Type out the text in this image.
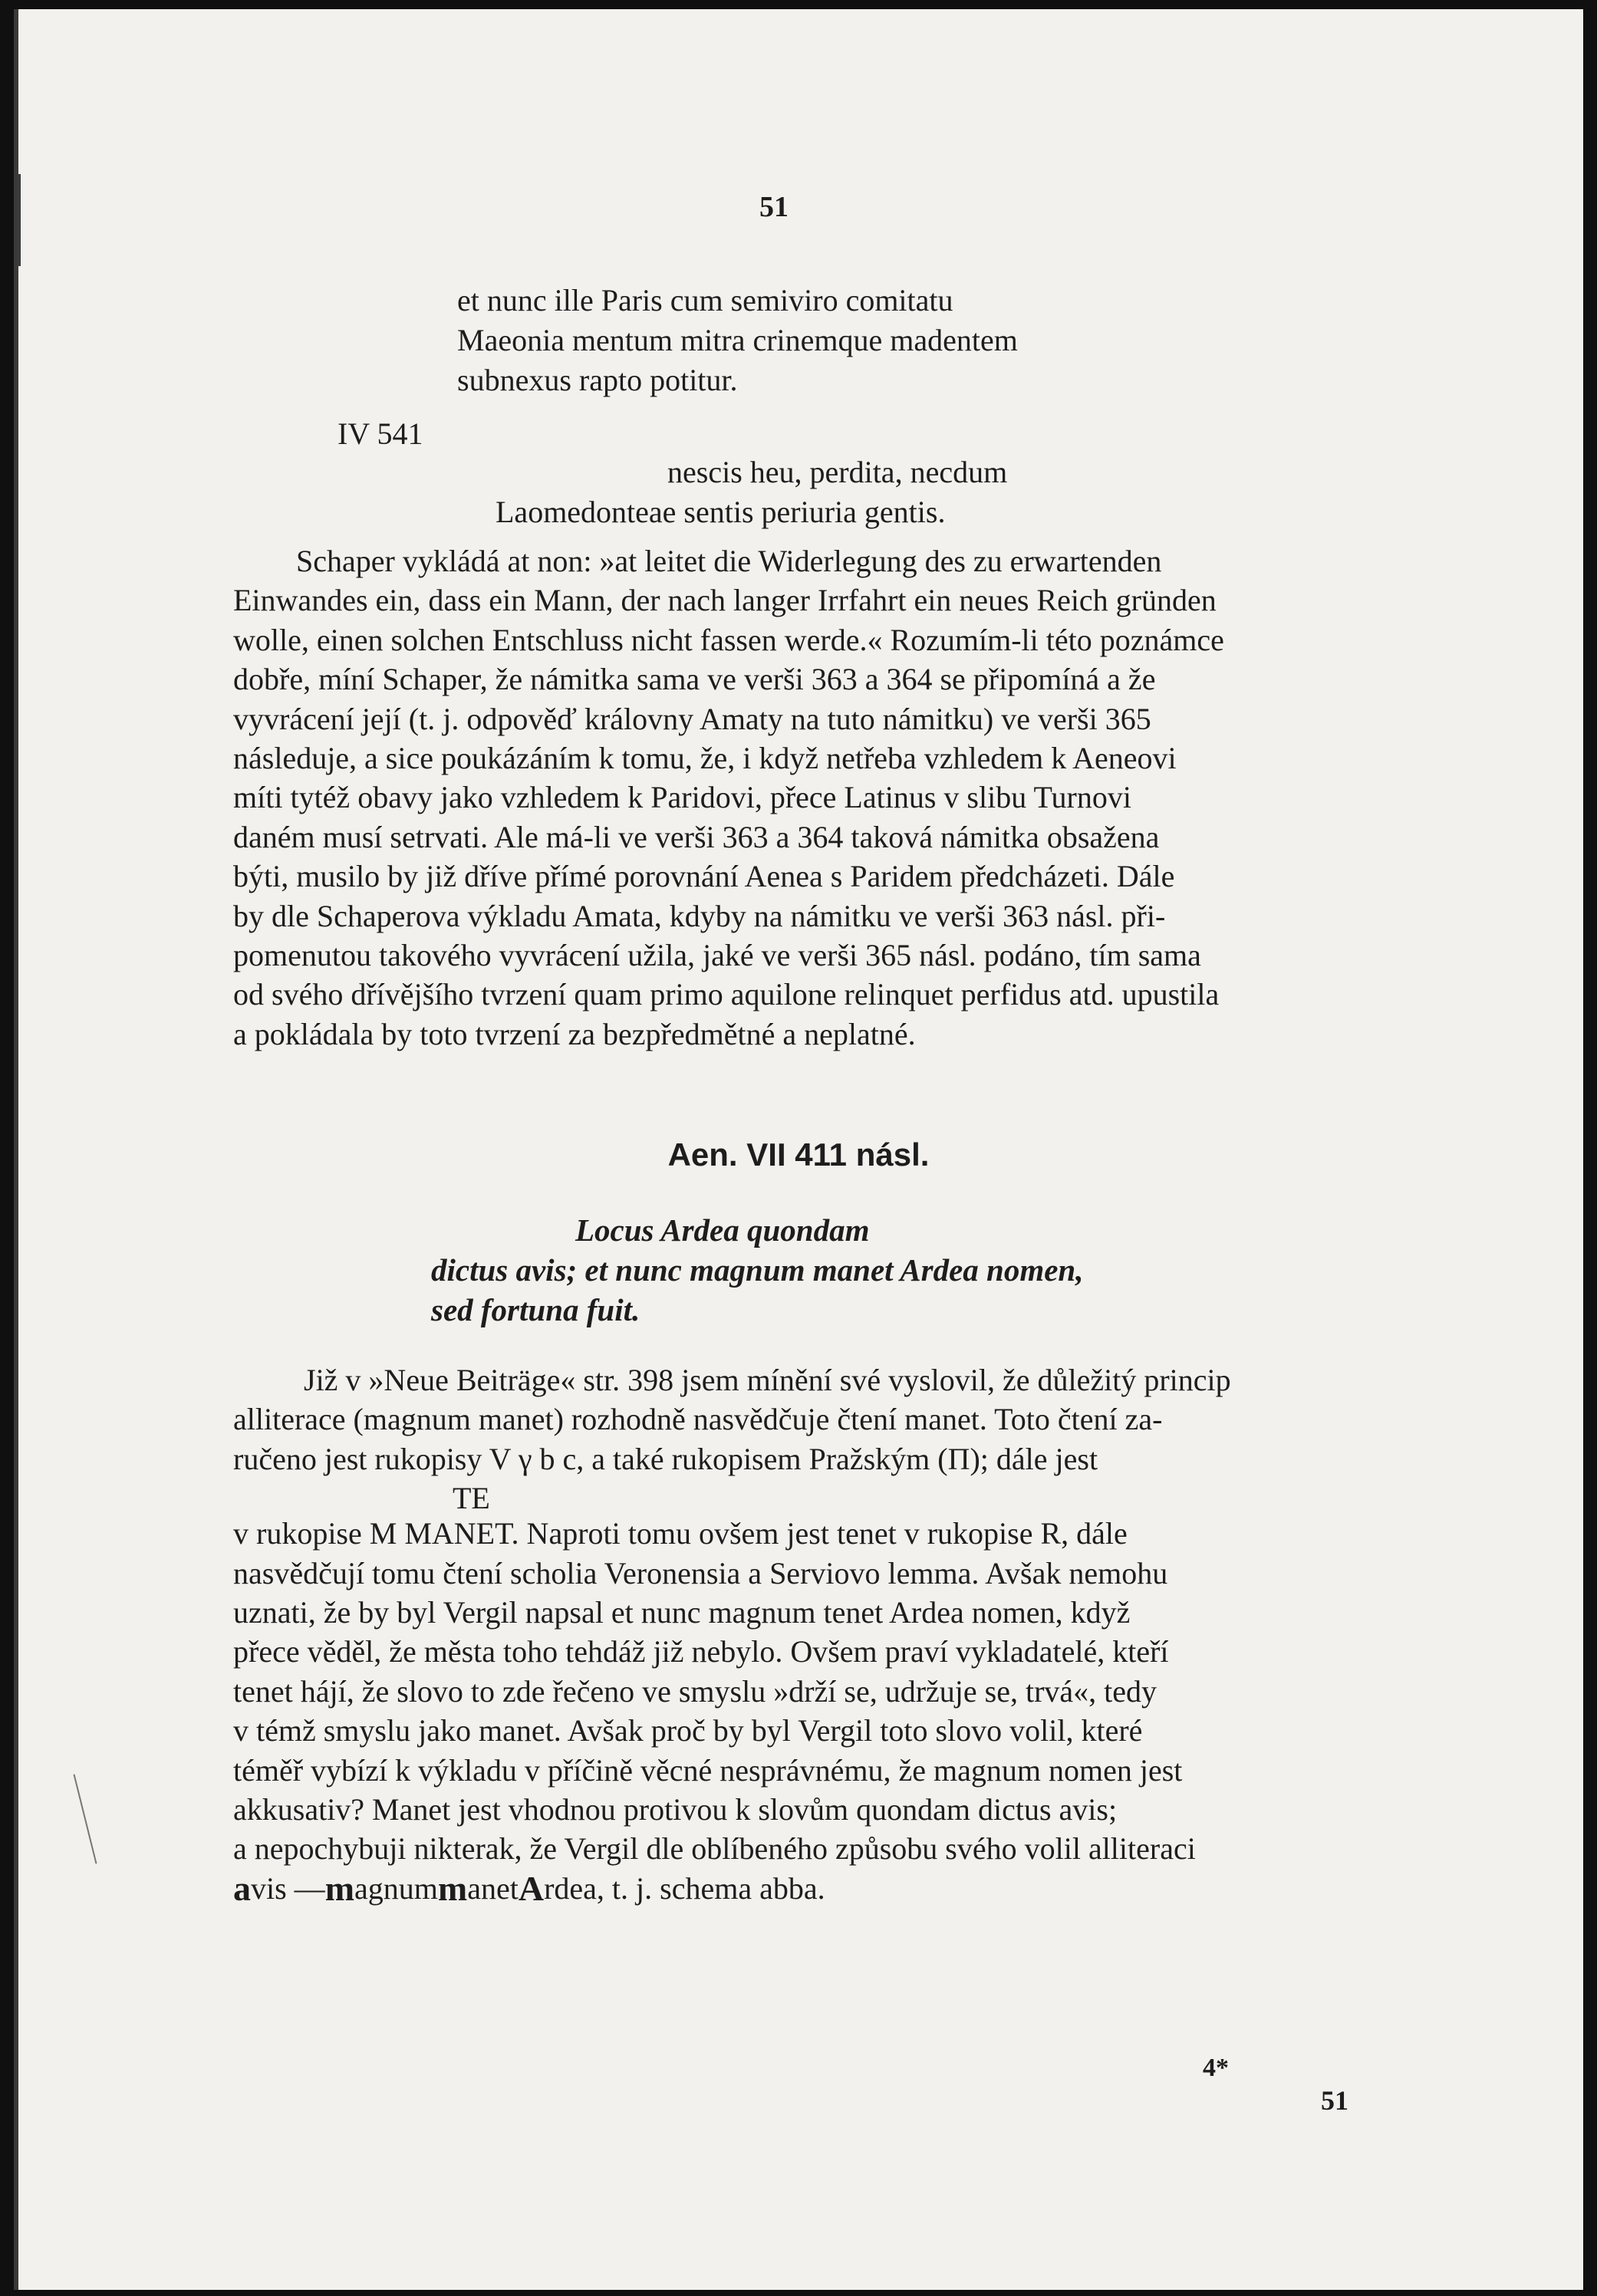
51
et nunc ille Paris cum semiviro comitatu
Maeonia mentum mitra crinemque madentem
subnexus rapto potitur.
IV 541
nescis heu, perdita, necdum
Laomedonteae sentis periuria gentis.
Schaper vykládá at non: »at leitet die Widerlegung des zu erwartenden
Einwandes ein, dass ein Mann, der nach langer Irrfahrt ein neues Reich gründen
wolle, einen solchen Entschluss nicht fassen werde.« Rozumím-li této poznámce
dobře, míní Schaper, že námitka sama ve verši 363 a 364 se připomíná a že
vyvrácení její (t. j. odpověď královny Amaty na tuto námitku) ve verši 365
následuje, a sice poukázáním k tomu, že, i když netřeba vzhledem k Aeneovi
míti tytéž obavy jako vzhledem k Paridovi, přece Latinus v slibu Turnovi
daném musí setrvati. Ale má-li ve verši 363 a 364 taková námitka obsažena
býti, musilo by již dříve přímé porovnání Aenea s Paridem předcházeti. Dále
by dle Schaperova výkladu Amata, kdyby na námitku ve verši 363 násl. při-
pomenutou takového vyvrácení užila, jaké ve verši 365 násl. podáno, tím sama
od svého dřívějšího tvrzení quam primo aquilone relinquet perfidus atd. upustila
a pokládala by toto tvrzení za bezpředmětné a neplatné.
Aen. VII 411 násl.
Locus Ardea quondam
dictus avis; et nunc magnum manet Ardea nomen,
sed fortuna fuit.
Již v »Neue Beiträge« str. 398 jsem mínění své vyslovil, že důležitý princip
alliterace (magnum manet) rozhodně nasvědčuje čtení manet. Toto čtení za-
ručeno jest rukopisy V γ b c, a také rukopisem Pražským (Π); dále jest
TE
v rukopise M MANET. Naproti tomu ovšem jest tenet v rukopise R, dále
nasvědčují tomu čtení scholia Veronensia a Serviovo lemma. Avšak nemohu
uznati, že by byl Vergil napsal et nunc magnum tenet Ardea nomen, když
přece věděl, že města toho tehdáž již nebylo. Ovšem praví vykladatelé, kteří
tenet hájí, že slovo to zde řečeno ve smyslu »drží se, udržuje se, trvá«, tedy
v témž smyslu jako manet. Avšak proč by byl Vergil toto slovo volil, které
téměř vybízí k výkladu v příčině věcné nesprávnému, že magnum nomen jest
akkusativ? Manet jest vhodnou protivou k slovům quondam dictus avis;
a nepochybuji nikterak, že Vergil dle oblíbeného způsobu svého volil alliteraci
a vis — m agnum m anet A rdea, t. j. schema abba.
4*
51
